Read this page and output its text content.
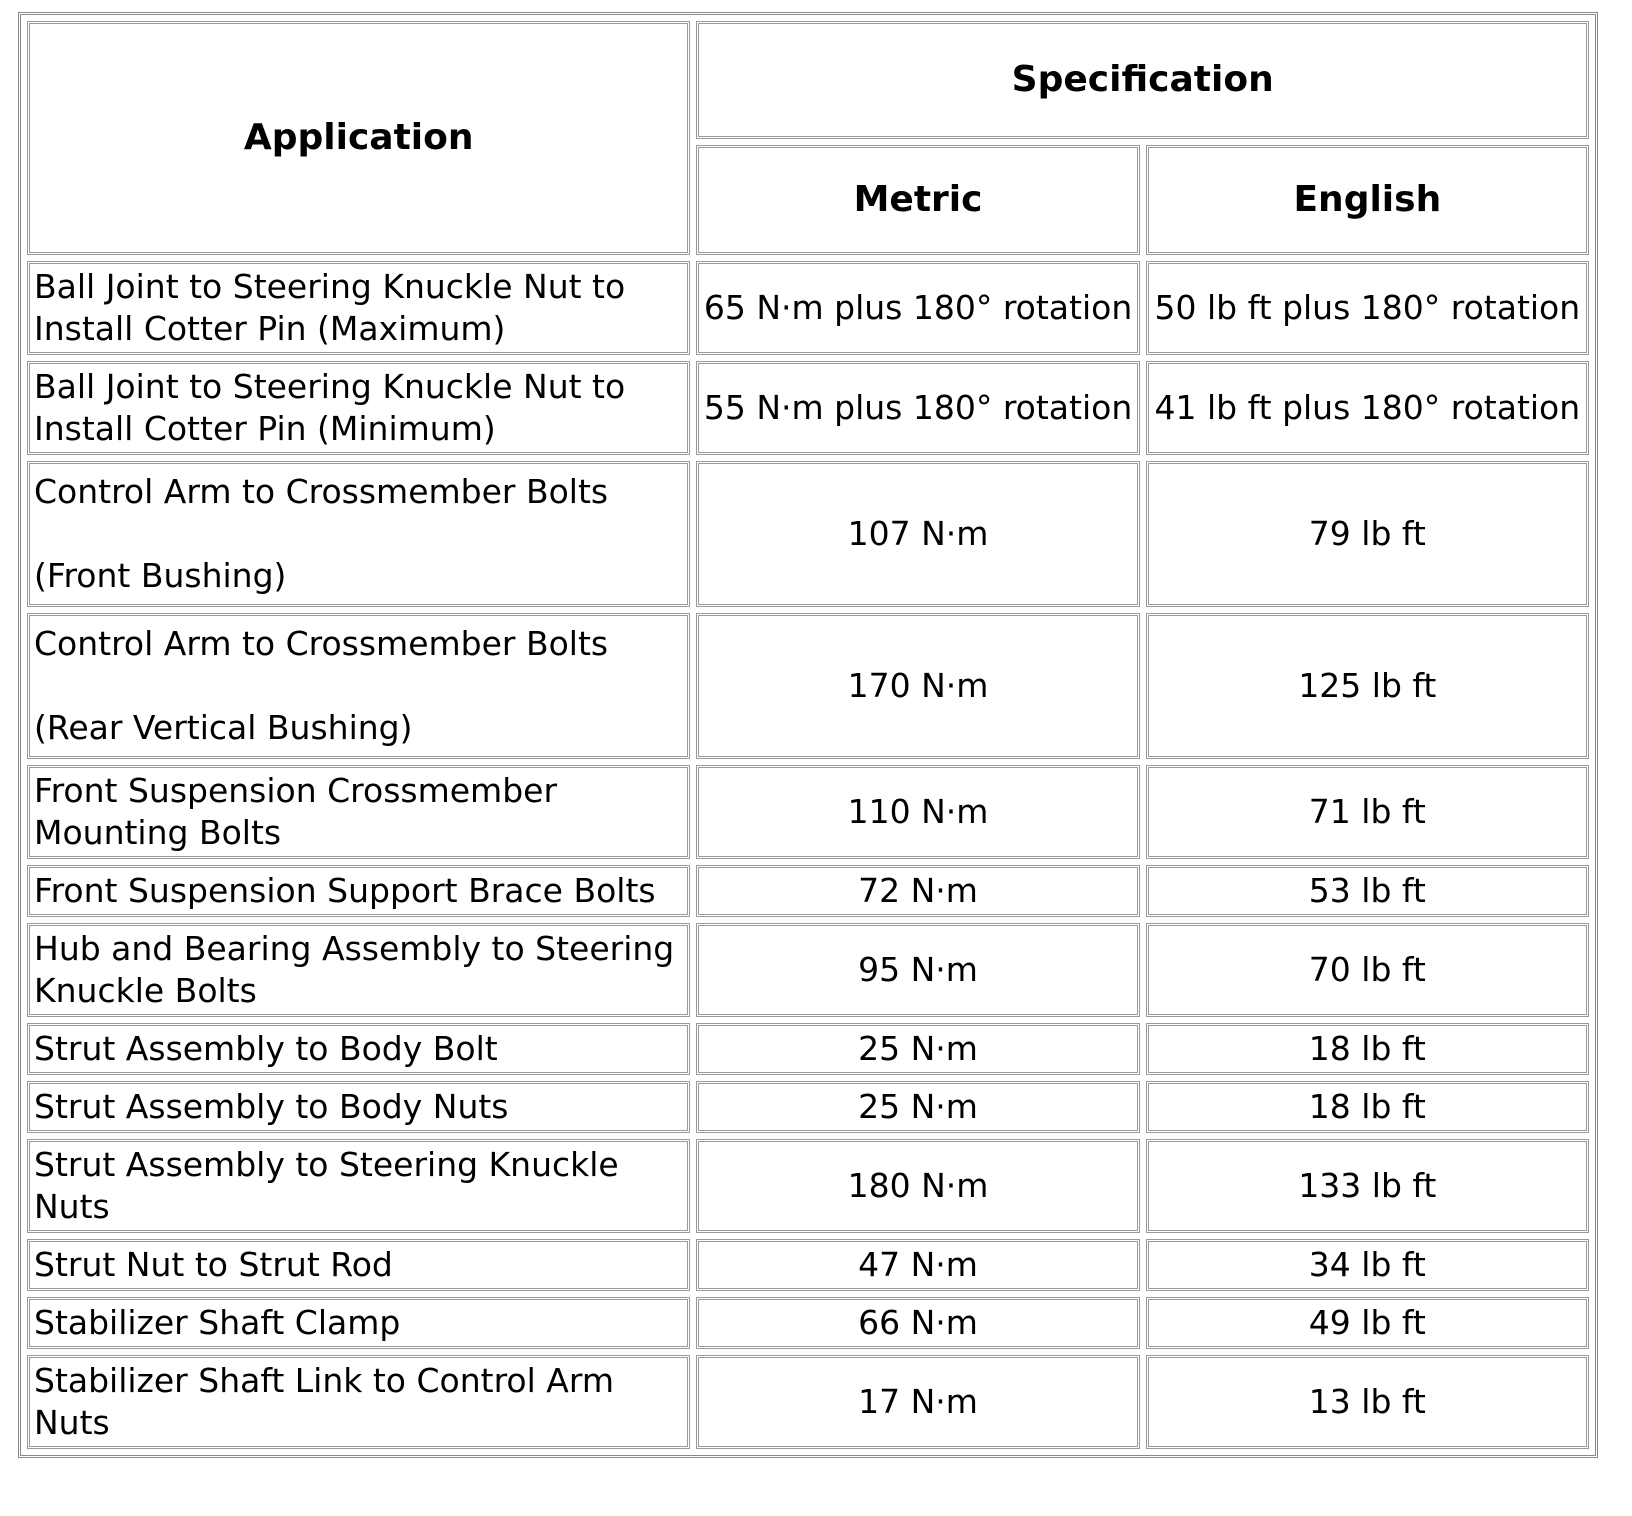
Application	Specification	
	Metric	English
Ball Joint to Steering Knuckle Nut to Install Cotter Pin (Maximum)	65 N·m plus 180° rotation	50 lb ft plus 180° rotation
Ball Joint to Steering Knuckle Nut to Install Cotter Pin (Minimum)	55 N·m plus 180° rotation	41 lb ft plus 180° rotation
Control Arm to Crossmember Bolts
(Front Bushing)	107 N·m	79 lb ft
Control Arm to Crossmember Bolts
(Rear Vertical Bushing)	170 N·m	125 lb ft
Front Suspension Crossmember Mounting Bolts	110 N·m	71 lb ft
Front Suspension Support Brace Bolts	72 N·m	53 lb ft
Hub and Bearing Assembly to Steering Knuckle Bolts	95 N·m	70 lb ft
Strut Assembly to Body Bolt	25 N·m	18 lb ft
Strut Assembly to Body Nuts	25 N·m	18 lb ft
Strut Assembly to Steering Knuckle Nuts	180 N·m	133 lb ft
Strut Nut to Strut Rod	47 N·m	34 lb ft
Stabilizer Shaft Clamp	66 N·m	49 lb ft
Stabilizer Shaft Link to Control Arm Nuts	17 N·m	13 lb ft
